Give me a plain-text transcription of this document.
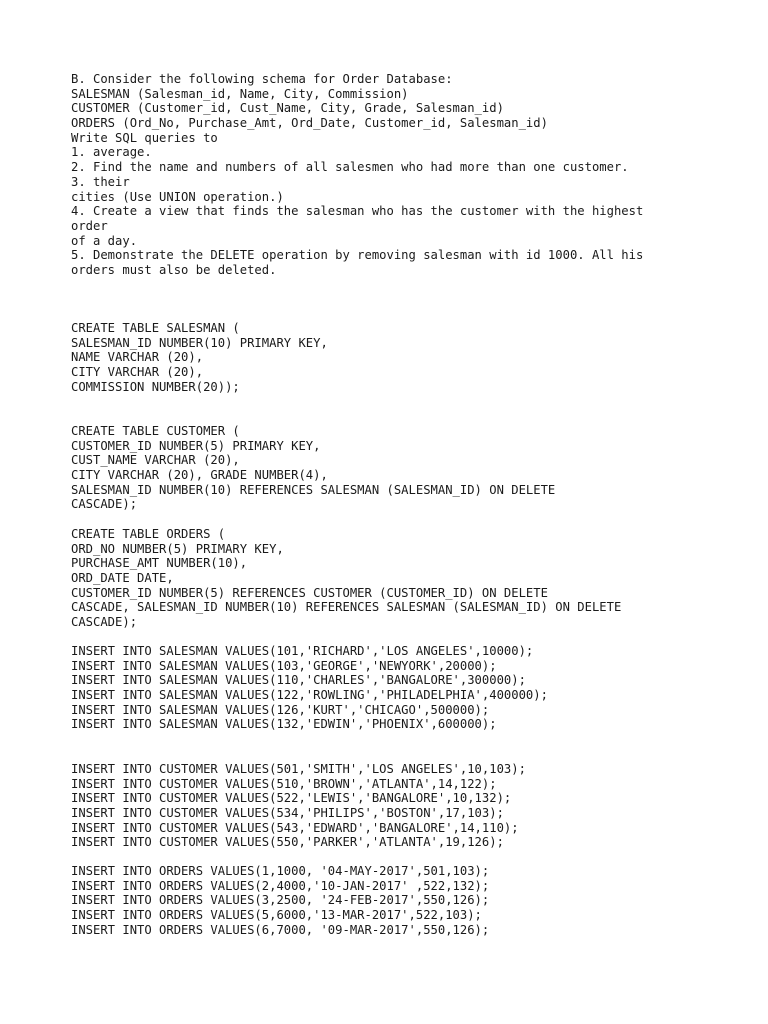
B. Consider the following schema for Order Database:
SALESMAN (Salesman_id, Name, City, Commission)
CUSTOMER (Customer_id, Cust_Name, City, Grade, Salesman_id)
ORDERS (Ord_No, Purchase_Amt, Ord_Date, Customer_id, Salesman_id)
Write SQL queries to
1. average.
2. Find the name and numbers of all salesmen who had more than one customer.
3. their
cities (Use UNION operation.)
4. Create a view that finds the salesman who has the customer with the highest
order
of a day.
5. Demonstrate the DELETE operation by removing salesman with id 1000. All his
orders must also be deleted.
CREATE TABLE SALESMAN (
SALESMAN_ID NUMBER(10) PRIMARY KEY,
NAME VARCHAR (20),
CITY VARCHAR (20),
COMMISSION NUMBER(20));
CREATE TABLE CUSTOMER (
CUSTOMER_ID NUMBER(5) PRIMARY KEY,
CUST_NAME VARCHAR (20),
CITY VARCHAR (20), GRADE NUMBER(4),
SALESMAN_ID NUMBER(10) REFERENCES SALESMAN (SALESMAN_ID) ON DELETE
CASCADE);
CREATE TABLE ORDERS (
ORD_NO NUMBER(5) PRIMARY KEY,
PURCHASE_AMT NUMBER(10),
ORD_DATE DATE,
CUSTOMER_ID NUMBER(5) REFERENCES CUSTOMER (CUSTOMER_ID) ON DELETE
CASCADE, SALESMAN_ID NUMBER(10) REFERENCES SALESMAN (SALESMAN_ID) ON DELETE
CASCADE);
INSERT INTO SALESMAN VALUES(101,'RICHARD','LOS ANGELES',10000);
INSERT INTO SALESMAN VALUES(103,'GEORGE','NEWYORK',20000);
INSERT INTO SALESMAN VALUES(110,'CHARLES','BANGALORE',300000);
INSERT INTO SALESMAN VALUES(122,'ROWLING','PHILADELPHIA',400000);
INSERT INTO SALESMAN VALUES(126,'KURT','CHICAGO',500000);
INSERT INTO SALESMAN VALUES(132,'EDWIN','PHOENIX',600000);
INSERT INTO CUSTOMER VALUES(501,'SMITH','LOS ANGELES',10,103);
INSERT INTO CUSTOMER VALUES(510,'BROWN','ATLANTA',14,122);
INSERT INTO CUSTOMER VALUES(522,'LEWIS','BANGALORE',10,132);
INSERT INTO CUSTOMER VALUES(534,'PHILIPS','BOSTON',17,103);
INSERT INTO CUSTOMER VALUES(543,'EDWARD','BANGALORE',14,110);
INSERT INTO CUSTOMER VALUES(550,'PARKER','ATLANTA',19,126);
INSERT INTO ORDERS VALUES(1,1000, '04-MAY-2017',501,103);
INSERT INTO ORDERS VALUES(2,4000,'10-JAN-2017' ,522,132);
INSERT INTO ORDERS VALUES(3,2500, '24-FEB-2017',550,126);
INSERT INTO ORDERS VALUES(5,6000,'13-MAR-2017',522,103);
INSERT INTO ORDERS VALUES(6,7000, '09-MAR-2017',550,126);
